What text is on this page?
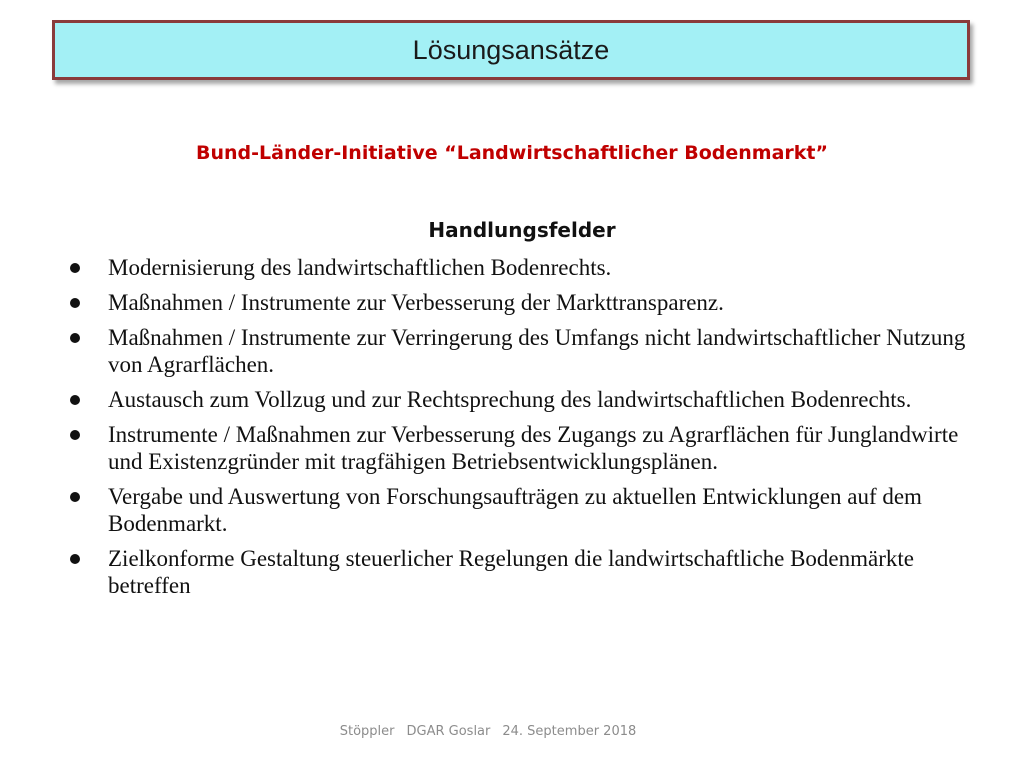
Lösungsansätze
Bund-Länder-Initiative “Landwirtschaftlicher Bodenmarkt”
Handlungsfelder
Modernisierung des landwirtschaftlichen Bodenrechts.
Maßnahmen / Instrumente zur Verbesserung der Markttransparenz.
Maßnahmen / Instrumente zur Verringerung des Umfangs nicht landwirtschaftlicher Nutzung von Agrarflächen.
Austausch zum Vollzug und zur Rechtsprechung des landwirtschaftlichen Bodenrechts.
Instrumente / Maßnahmen zur Verbesserung des Zugangs zu Agrarflächen für Junglandwirte und Existenzgründer mit tragfähigen Betriebsentwicklungsplänen.
Vergabe und Auswertung von Forschungsaufträgen zu aktuellen Entwicklungen auf dem Bodenmarkt.
Zielkonforme Gestaltung steuerlicher Regelungen die landwirtschaftliche Bodenmärkte betreffen
Stöppler DGAR Goslar 24. September 2018
